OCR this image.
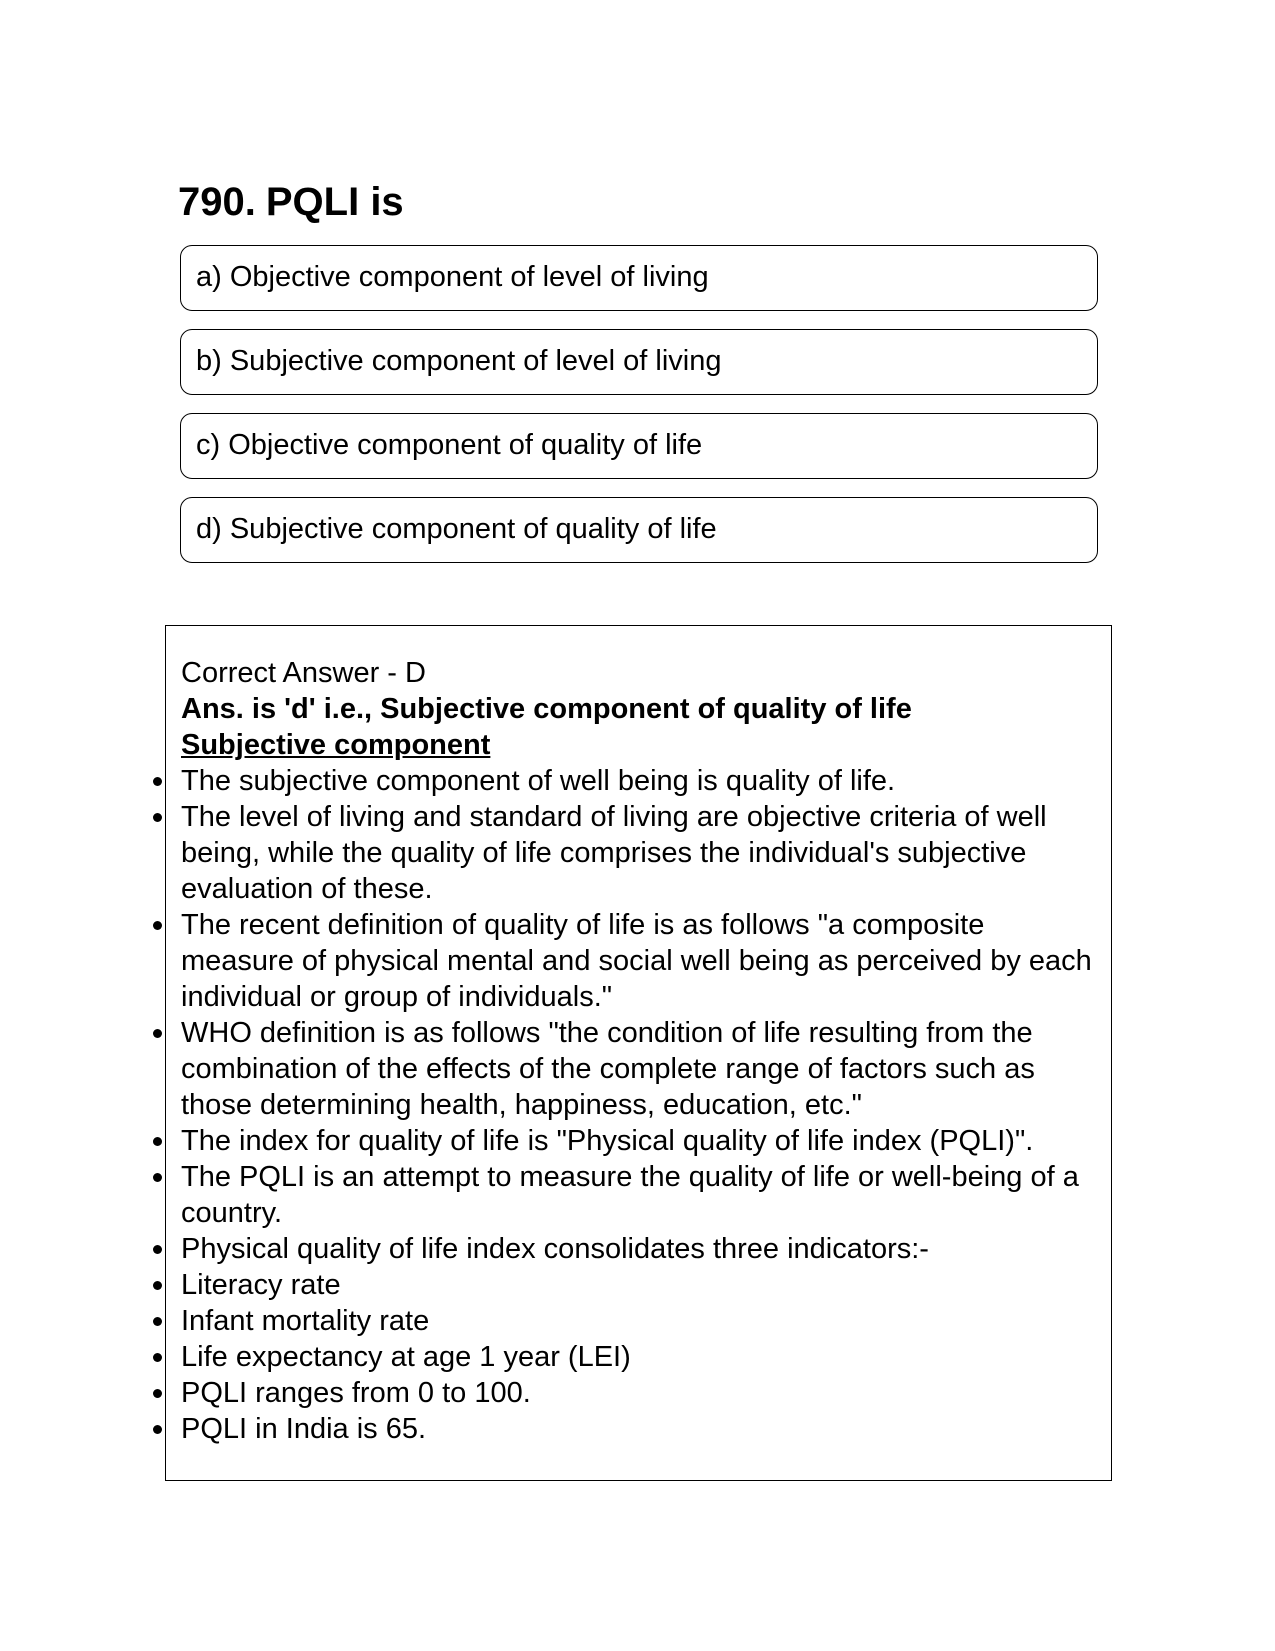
790. PQLI is
a) Objective component of level of living
b) Subjective component of level of living
c) Objective component of quality of life
d) Subjective component of quality of life

Correct Answer - D

Ans. is 'd' i.e., Subjective component of quality of life

Subjective component

The subjective component of well being is quality of life.
The level of living and standard of living are objective criteria of well being, while the quality of life comprises the individual's subjective evaluation of these.
The recent definition of quality of life is as follows "a composite measure of physical mental and social well being as perceived by each individual or group of individuals."
WHO definition is as follows "the condition of life resulting from the combination of the effects of the complete range of factors such as those determining health, happiness, education, etc."
The index for quality of life is "Physical quality of life index (PQLI)".
The PQLI is an attempt to measure the quality of life or well-being of a country.
Physical quality of life index consolidates three indicators:-
Literacy rate
Infant mortality rate
Life expectancy at age 1 year (LEI)
PQLI ranges from 0 to 100.
PQLI in India is 65.
